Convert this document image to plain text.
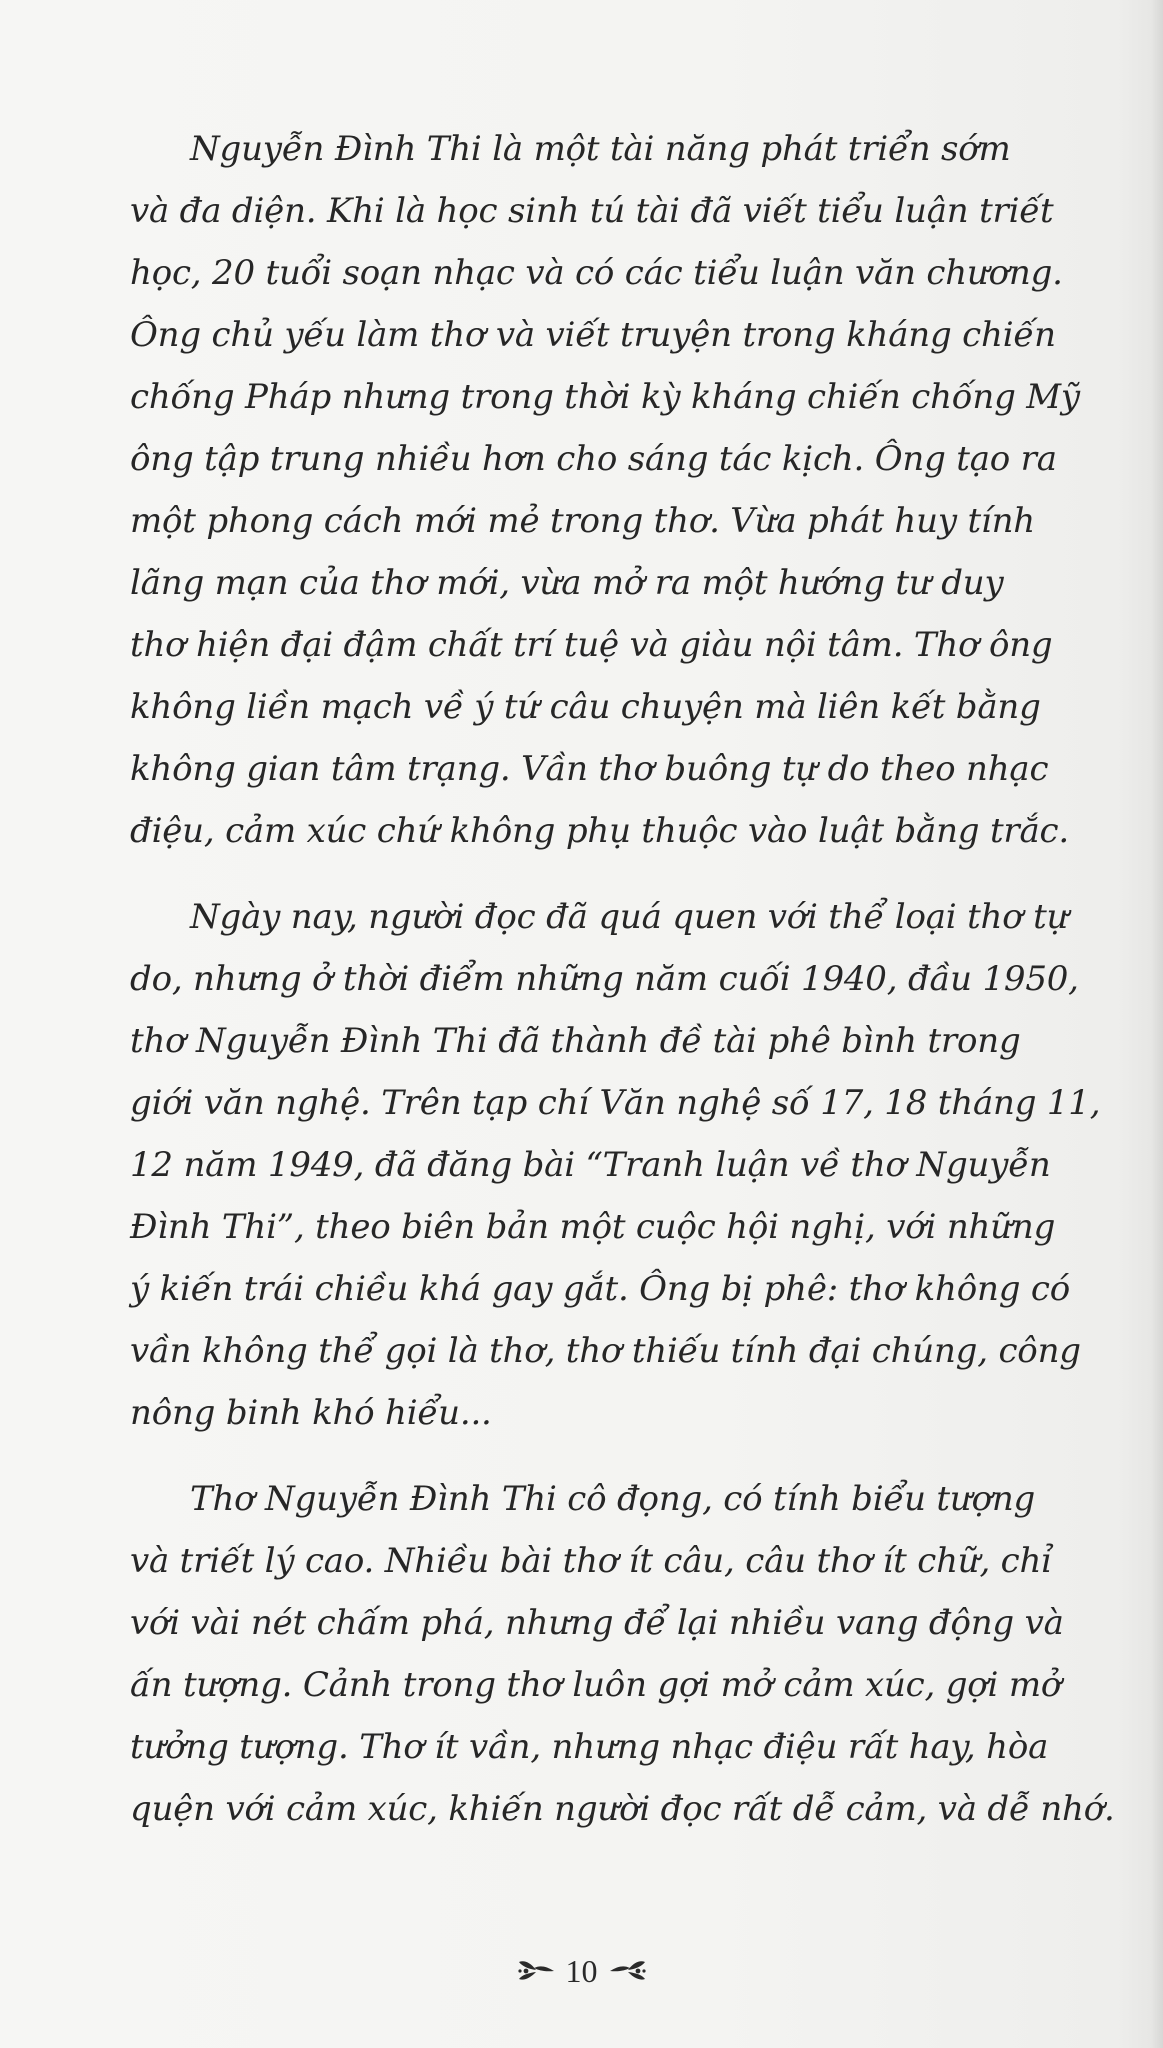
Nguyễn Đình Thi là một tài năng phát triển sớm
và đa diện. Khi là học sinh tú tài đã viết tiểu luận triết
học, 20 tuổi soạn nhạc và có các tiểu luận văn chương.
Ông chủ yếu làm thơ và viết truyện trong kháng chiến
chống Pháp nhưng trong thời kỳ kháng chiến chống Mỹ
ông tập trung nhiều hơn cho sáng tác kịch. Ông tạo ra
một phong cách mới mẻ trong thơ. Vừa phát huy tính
lãng mạn của thơ mới, vừa mở ra một hướng tư duy
thơ hiện đại đậm chất trí tuệ và giàu nội tâm. Thơ ông
không liền mạch về ý tứ câu chuyện mà liên kết bằng
không gian tâm trạng. Vần thơ buông tự do theo nhạc
điệu, cảm xúc chứ không phụ thuộc vào luật bằng trắc.
Ngày nay, người đọc đã quá quen với thể loại thơ tự
do, nhưng ở thời điểm những năm cuối 1940, đầu 1950,
thơ Nguyễn Đình Thi đã thành đề tài phê bình trong
giới văn nghệ. Trên tạp chí Văn nghệ số 17, 18 tháng 11,
12 năm 1949, đã đăng bài “Tranh luận về thơ Nguyễn
Đình Thi”, theo biên bản một cuộc hội nghị, với những
ý kiến trái chiều khá gay gắt. Ông bị phê: thơ không có
vần không thể gọi là thơ, thơ thiếu tính đại chúng, công
nông binh khó hiểu...
Thơ Nguyễn Đình Thi cô đọng, có tính biểu tượng
và triết lý cao. Nhiều bài thơ ít câu, câu thơ ít chữ, chỉ
với vài nét chấm phá, nhưng để lại nhiều vang động và
ấn tượng. Cảnh trong thơ luôn gợi mở cảm xúc, gợi mở
tưởng tượng. Thơ ít vần, nhưng nhạc điệu rất hay, hòa
quện với cảm xúc, khiến người đọc rất dễ cảm, và dễ nhớ.
10
